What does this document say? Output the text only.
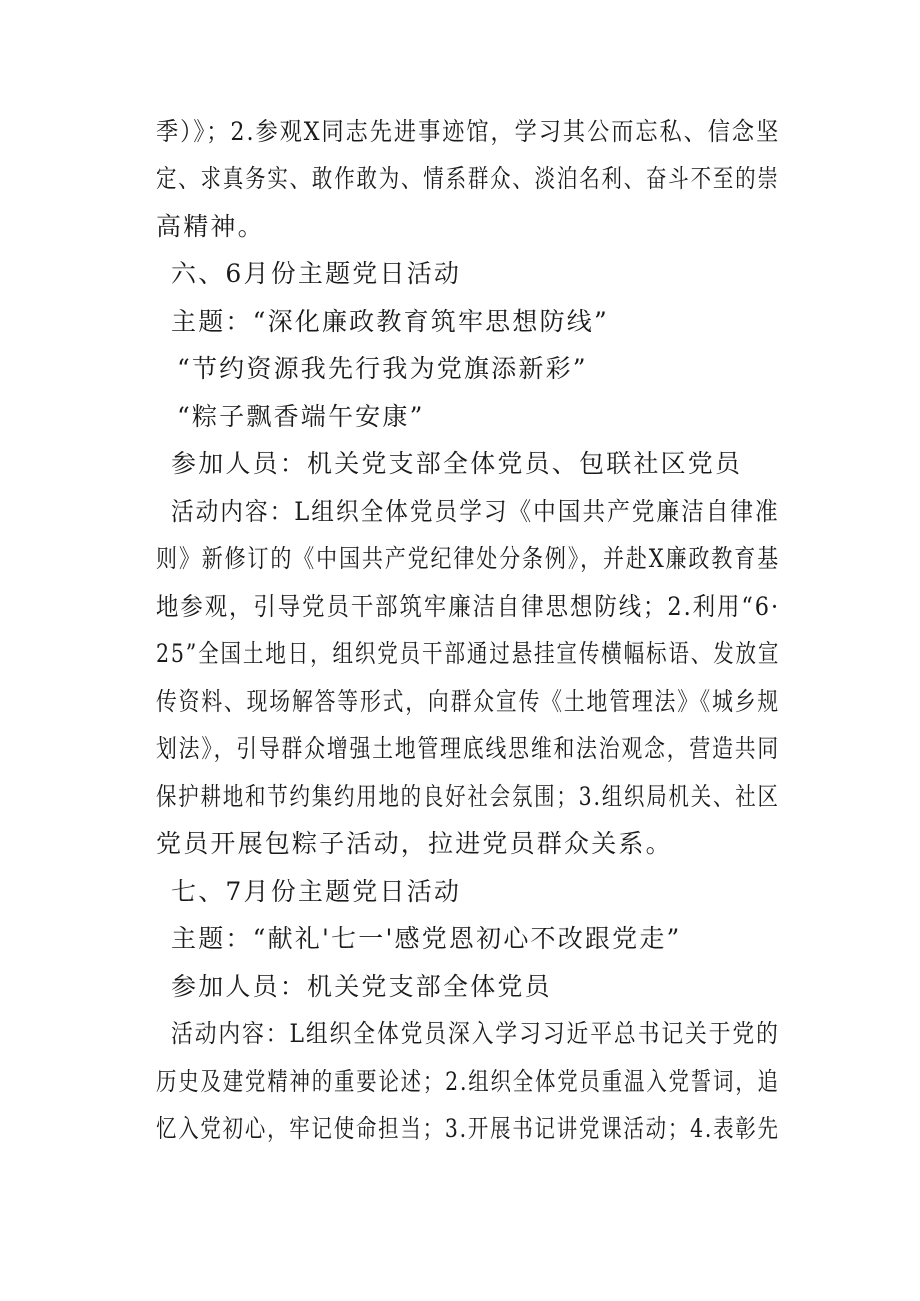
季）》；2.参观X同志先进事迹馆，学习其公而忘私、信念坚
定、求真务实、敢作敢为、情系群众、淡泊名利、奋斗不至的崇
高精神。
六、6月份主题党日活动
主题：“深化廉政教育筑牢思想防线”
“节约资源我先行我为党旗添新彩”
“粽子飘香端午安康”
参加人员：机关党支部全体党员、包联社区党员
活动内容：L组织全体党员学习《中国共产党廉洁自律准
则》新修订的《中国共产党纪律处分条例》，并赴X廉政教育基
地参观，引导党员干部筑牢廉洁自律思想防线；2.利用“6·
25”全国土地日，组织党员干部通过悬挂宣传横幅标语、发放宣
传资料、现场解答等形式，向群众宣传《土地管理法》《城乡规
划法》，引导群众增强土地管理底线思维和法治观念，营造共同
保护耕地和节约集约用地的良好社会氛围；3.组织局机关、社区
党员开展包粽子活动，拉进党员群众关系。
七、7月份主题党日活动
主题：“献礼'七一'感党恩初心不改跟党走”
参加人员：机关党支部全体党员
活动内容：L组织全体党员深入学习习近平总书记关于党的
历史及建党精神的重要论述；2.组织全体党员重温入党誓词，追
忆入党初心，牢记使命担当；3.开展书记讲党课活动；4.表彰先
